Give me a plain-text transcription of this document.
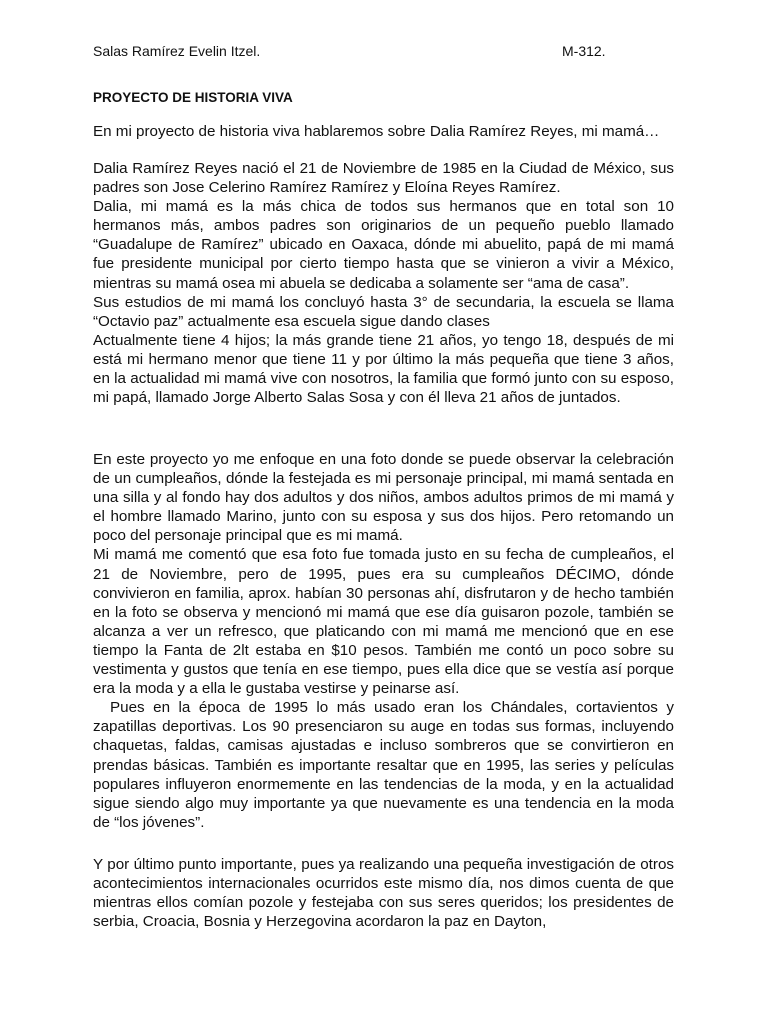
Salas Ramírez Evelin Itzel.	M-312.
PROYECTO DE HISTORIA VIVA

En mi proyecto de historia viva hablaremos sobre Dalia Ramírez Reyes, mi mamá…

Dalia Ramírez Reyes nació el 21 de Noviembre de 1985 en la Ciudad de México, sus padres son Jose Celerino Ramírez Ramírez y Eloína Reyes Ramírez.

Dalia, mi mamá es la más chica de todos sus hermanos que en total son 10 hermanos más, ambos padres son originarios de un pequeño pueblo llamado “Guadalupe de Ramírez” ubicado en Oaxaca, dónde mi abuelito, papá de mi mamá fue presidente municipal por cierto tiempo hasta que se vinieron a vivir a México, mientras su mamá osea mi abuela se dedicaba a solamente ser “ama de casa”.

Sus estudios de mi mamá los concluyó hasta 3° de secundaria, la escuela se llama “Octavio paz” actualmente esa escuela sigue dando clases

Actualmente tiene 4 hijos; la más grande tiene 21 años, yo tengo 18, después de mi está mi hermano menor que tiene 11 y por último la más pequeña que tiene 3 años, en la actualidad mi mamá vive con nosotros, la familia que formó junto con su esposo, mi papá, llamado Jorge Alberto Salas Sosa y con él lleva 21 años de juntados.

En este proyecto yo me enfoque en una foto donde se puede observar la celebración de un cumpleaños, dónde la festejada es mi personaje principal, mi mamá sentada en una silla y al fondo hay dos adultos y dos niños, ambos adultos primos de mi mamá y el hombre llamado Marino, junto con su esposa y sus dos hijos. Pero retomando un poco del personaje principal que es mi mamá.

Mi mamá me comentó que esa foto fue tomada justo en su fecha de cumpleaños, el 21 de Noviembre, pero de 1995, pues era su cumpleaños DÉCIMO, dónde convivieron en familia, aprox. habían 30 personas ahí, disfrutaron y de hecho también en la foto se observa y mencionó mi mamá que ese día guisaron pozole, también se alcanza a ver un refresco, que platicando con mi mamá me mencionó que en ese tiempo la Fanta de 2lt estaba en $10 pesos. También me contó un poco sobre su vestimenta y gustos que tenía en ese tiempo, pues ella dice que se vestía así porque era la moda y a ella le gustaba vestirse y peinarse así.

Pues en la época de 1995 lo más usado eran los Chándales, cortavientos y zapatillas deportivas. Los 90 presenciaron su auge en todas sus formas, incluyendo chaquetas, faldas, camisas ajustadas e incluso sombreros que se convirtieron en prendas básicas. También es importante resaltar que en 1995, las series y películas populares influyeron enormemente en las tendencias de la moda, y en la actualidad sigue siendo algo muy importante ya que nuevamente es una tendencia en la moda de “los jóvenes”.

Y por último punto importante, pues ya realizando una pequeña investigación de otros acontecimientos internacionales ocurridos este mismo día, nos dimos cuenta de que mientras ellos comían pozole y festejaba con sus seres queridos; los presidentes de serbia, Croacia, Bosnia y Herzegovina acordaron la paz en Dayton,
